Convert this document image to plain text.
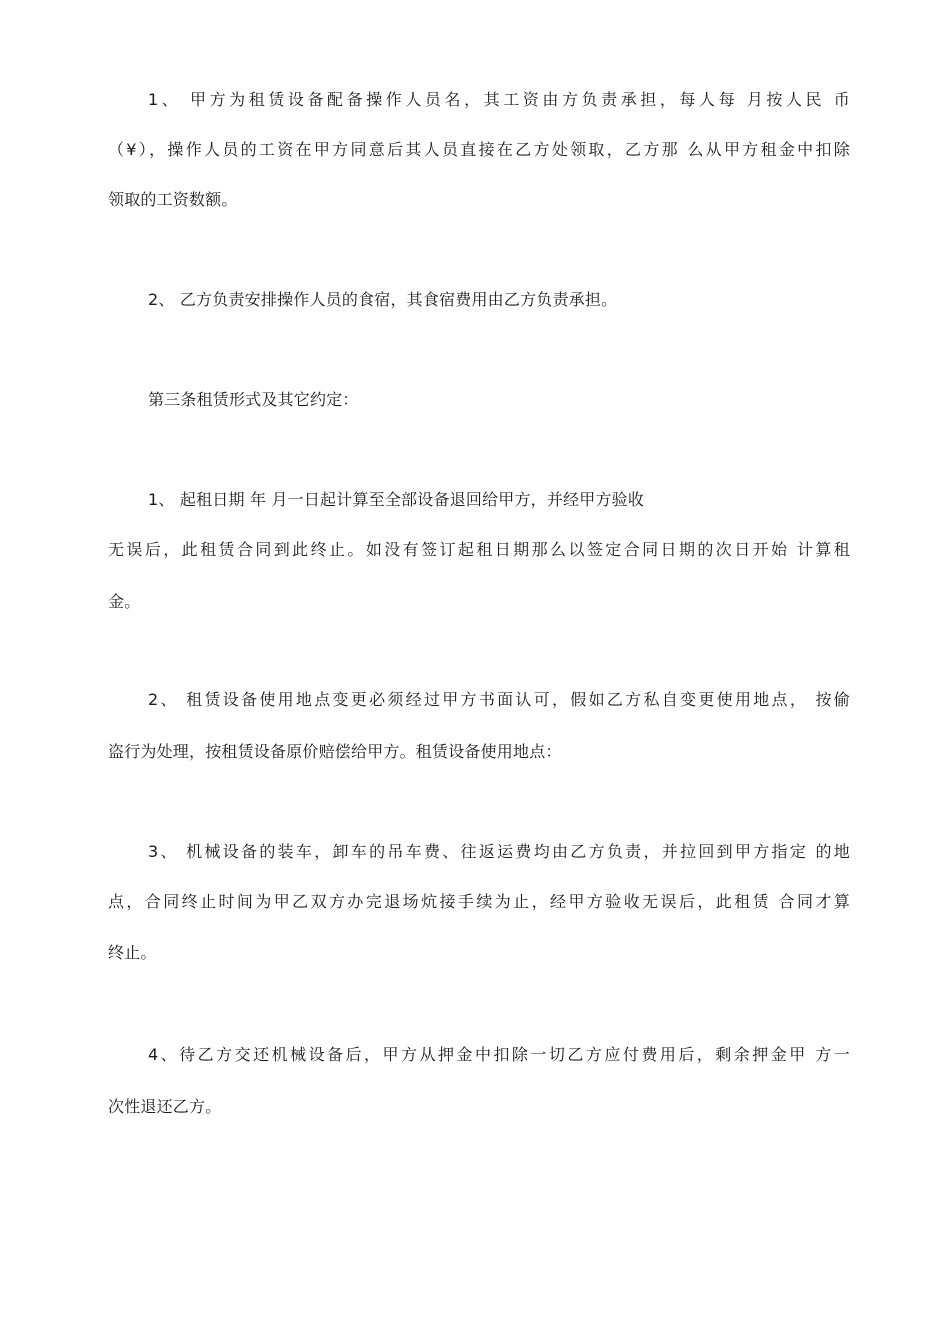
1、 甲方为租赁设备配备操作人员名，其工资由方负责承担，每人每 月按人民 币
（¥），操作人员的工资在甲方同意后其人员直接在乙方处领取，乙方那 么从甲方租金中扣除
领取的工资数额。
2、 乙方负责安排操作人员的食宿，其食宿费用由乙方负责承担。
第三条租赁形式及其它约定：
1、 起租日期 年 月一日起计算至全部设备退回给甲方，并经甲方验收
无误后，此租赁合同到此终止。如没有签订起租日期那么以签定合同日期的次日开始 计算租
金。
2、 租赁设备使用地点变更必须经过甲方书面认可，假如乙方私自变更使用地点， 按偷
盗行为处理，按租赁设备原价赔偿给甲方。租赁设备使用地点：
3、 机械设备的装车，卸车的吊车费、往返运费均由乙方负责，并拉回到甲方指定 的地
点，合同终止时间为甲乙双方办完退场炕接手续为止，经甲方验收无误后，此租赁 合同才算
终止。
4、待乙方交还机械设备后，甲方从押金中扣除一切乙方应付费用后，剩余押金甲 方一
次性退还乙方。
